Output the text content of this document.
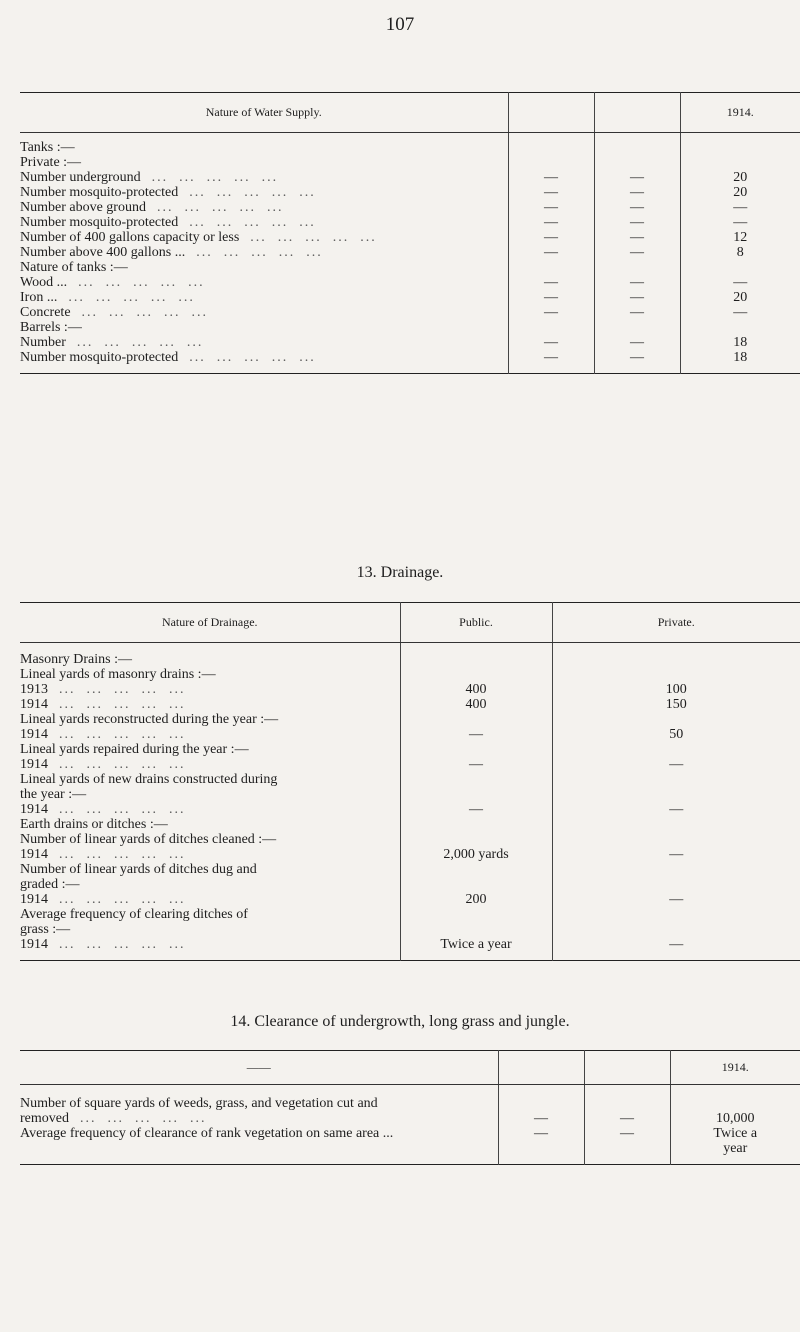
107
Nature of Water Supply.			1914.

Tanks :—			
Private :—			
Number underground  ...  ...  ...  ...  ...	—	—	20
Number mosquito-protected  ...  ...  ...  ...  ...	—	—	20
Number above ground  ...  ...  ...  ...  ...	—	—	—
Number mosquito-protected  ...  ...  ...  ...  ...	—	—	—
Number of 400 gallons capacity or less  ...  ...  ...  ...  ...	—	—	12
Number above 400 gallons ...  ...  ...  ...  ...  ...	—	—	8
Nature of tanks :—			
Wood ...  ...  ...  ...  ...  ...	—	—	—
Iron ...  ...  ...  ...  ...  ...	—	—	20
Concrete  ...  ...  ...  ...  ...	—	—	—
Barrels :—			
Number  ...  ...  ...  ...  ...	—	—	18
Number mosquito-protected  ...  ...  ...  ...  ...	—	—	18

13. Drainage.
Nature of Drainage.	Public.	Private.

Masonry Drains :—		
Lineal yards of masonry drains :—		
1913  ...  ...  ...  ...  ...	400	100
1914  ...  ...  ...  ...  ...	400	150
Lineal yards reconstructed during the year :—		
1914  ...  ...  ...  ...  ...	—	50
Lineal yards repaired during the year :—		
1914  ...  ...  ...  ...  ...	—	—
Lineal yards of new drains constructed during		
the year :—		
1914  ...  ...  ...  ...  ...	—	—
Earth drains or ditches :—		
Number of linear yards of ditches cleaned :—		
1914  ...  ...  ...  ...  ...	2,000 yards	—
Number of linear yards of ditches dug and		
graded :—		
1914  ...  ...  ...  ...  ...	200	—
Average frequency of clearing ditches of		
grass :—		
1914  ...  ...  ...  ...  ...	Twice a year	—

14. Clearance of undergrowth, long grass and jungle.
——			1914.

Number of square yards of weeds, grass, and vegetation cut and			
removed  ...  ...  ...  ...  ...	—	—	10,000
Average frequency of clearance of rank vegetation on same area ...	—	—	Twice a
			year
